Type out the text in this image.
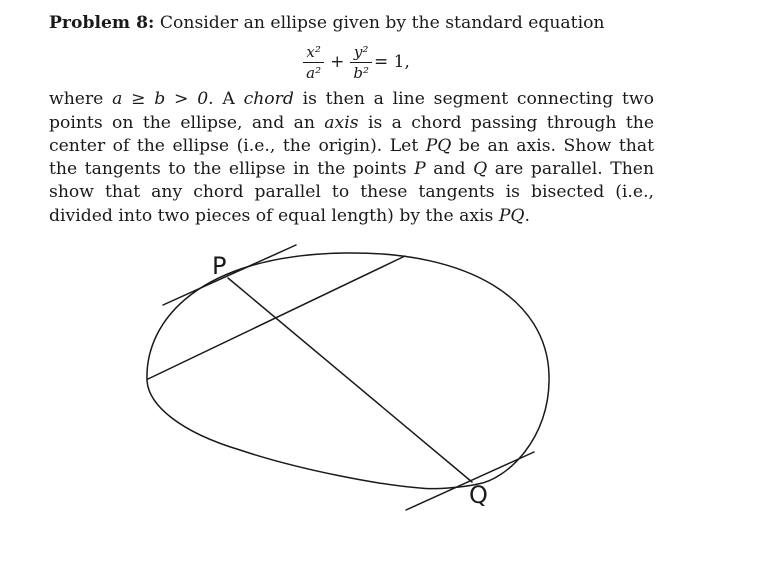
Problem 8: Consider an ellipse given by the standard equation

$\frac{\text{x²}}{\text{a²}} + \frac{\text{y²}}{\text{b²}} = 1$,

where a ≥ b > 0. A chord is then a line segment connecting two points on the ellipse, and an axis is a chord passing through the center of the ellipse (i.e., the origin). Let PQ be an axis. Show that the tangents to the ellipse in the points P and Q are parallel. Then show that any chord parallel to these tangents is bisected (i.e., divided into two pieces of equal length) by the axis PQ.

P
Q
